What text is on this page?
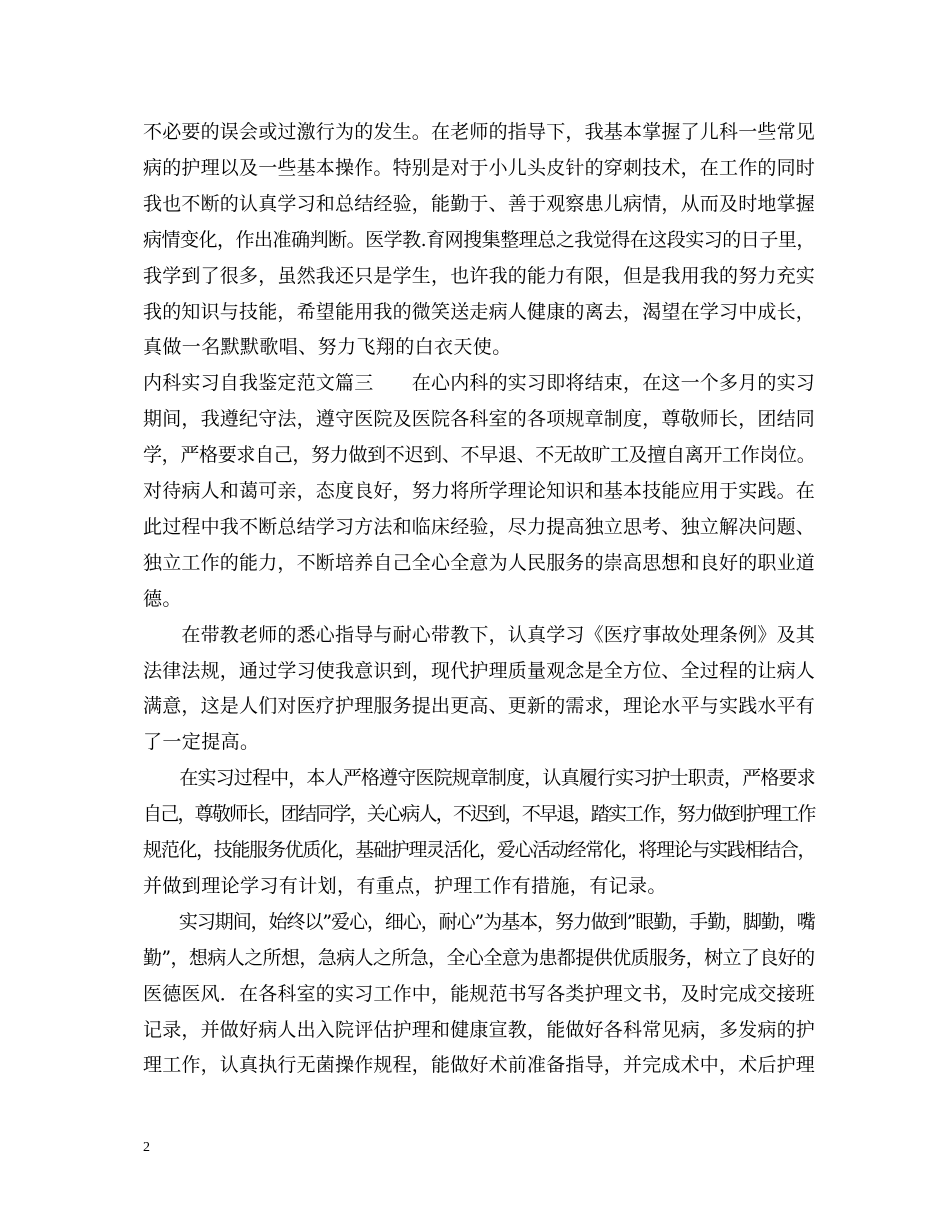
不必要的误会或过激行为的发生。在老师的指导下，我基本掌握了儿科一些常见
病的护理以及一些基本操作。特别是对于小儿头皮针的穿刺技术，在工作的同时
我也不断的认真学习和总结经验，能勤于、善于观察患儿病情，从而及时地掌握
病情变化，作出准确判断。医学教.育网搜集整理总之我觉得在这段实习的日子里，
我学到了很多，虽然我还只是学生，也许我的能力有限，但是我用我的努力充实
我的知识与技能，希望能用我的微笑送走病人健康的离去，渴望在学习中成长，
真做一名默默歌唱、努力飞翔的白衣天使。
内科实习自我鉴定范文篇三　　在心内科的实习即将结束，在这一个多月的实习
期间，我遵纪守法，遵守医院及医院各科室的各项规章制度，尊敬师长，团结同
学，严格要求自己，努力做到不迟到、不早退、不无故旷工及擅自离开工作岗位。
对待病人和蔼可亲，态度良好，努力将所学理论知识和基本技能应用于实践。在
此过程中我不断总结学习方法和临床经验，尽力提高独立思考、独立解决问题、
独立工作的能力，不断培养自己全心全意为人民服务的崇高思想和良好的职业道
德。
　　在带教老师的悉心指导与耐心带教下，认真学习《医疗事故处理条例》及其
法律法规，通过学习使我意识到，现代护理质量观念是全方位、全过程的让病人
满意，这是人们对医疗护理服务提出更高、更新的需求，理论水平与实践水平有
了一定提高。
　　在实习过程中，本人严格遵守医院规章制度，认真履行实习护士职责，严格要求
自己，尊敬师长，团结同学，关心病人，不迟到，不早退，踏实工作，努力做到护理工作
规范化，技能服务优质化，基础护理灵活化，爱心活动经常化，将理论与实践相结合，
并做到理论学习有计划，有重点，护理工作有措施，有记录。
　　实习期间，始终以”爱心，细心，耐心”为基本，努力做到”眼勤，手勤，脚勤，嘴
勤”，想病人之所想，急病人之所急，全心全意为患都提供优质服务，树立了良好的
医德医风．在各科室的实习工作中，能规范书写各类护理文书，及时完成交接班
记录，并做好病人出入院评估护理和健康宣教，能做好各科常见病，多发病的护
理工作，认真执行无菌操作规程，能做好术前准备指导，并完成术中，术后护理
2
